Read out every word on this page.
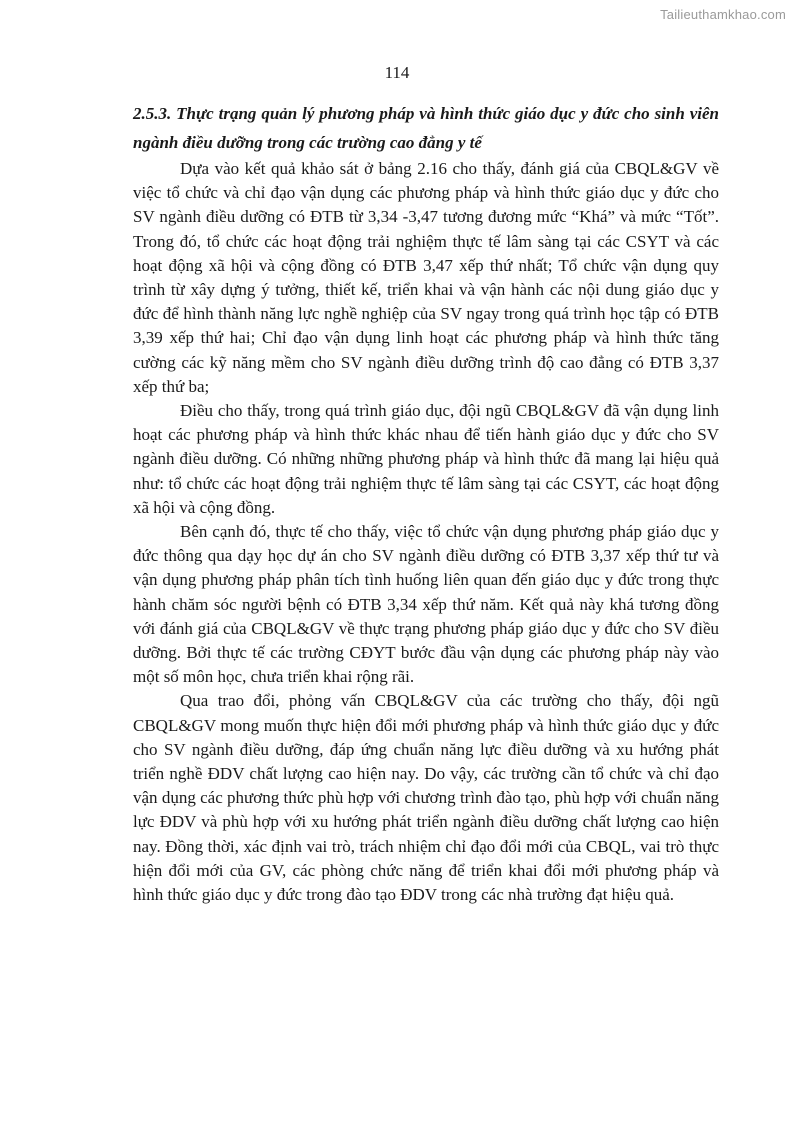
Tailieuthamkhao.com
114

2.5.3. Thực trạng quản lý phương pháp và hình thức giáo dục y đức cho sinh viên ngành điều dưỡng trong các trường cao đẳng y tế

Dựa vào kết quả khảo sát ở bảng 2.16 cho thấy, đánh giá của CBQL&GV về việc tổ chức và chỉ đạo vận dụng các phương pháp và hình thức giáo dục y đức cho SV ngành điều dưỡng có ĐTB từ 3,34 -3,47 tương đương mức “Khá” và mức “Tốt”. Trong đó, tổ chức các hoạt động trải nghiệm thực tế lâm sàng tại các CSYT và các hoạt động xã hội và cộng đồng có ĐTB 3,47 xếp thứ nhất; Tổ chức vận dụng quy trình từ xây dựng ý tưởng, thiết kế, triển khai và vận hành các nội dung giáo dục y đức để hình thành năng lực nghề nghiệp của SV ngay trong quá trình học tập có ĐTB 3,39 xếp thứ hai; Chỉ đạo vận dụng linh hoạt các phương pháp và hình thức tăng cường các kỹ năng mềm cho SV ngành điều dưỡng trình độ cao đẳng có ĐTB 3,37 xếp thứ ba;

Điều cho thấy, trong quá trình giáo dục, đội ngũ CBQL&GV đã vận dụng linh hoạt các phương pháp và hình thức khác nhau để tiến hành giáo dục y đức cho SV ngành điều dưỡng. Có những những phương pháp và hình thức đã mang lại hiệu quả như: tổ chức các hoạt động trải nghiệm thực tế lâm sàng tại các CSYT, các hoạt động xã hội và cộng đồng.

Bên cạnh đó, thực tế cho thấy, việc tổ chức vận dụng phương pháp giáo dục y đức thông qua dạy học dự án cho SV ngành điều dưỡng có ĐTB 3,37 xếp thứ tư và vận dụng phương pháp phân tích tình huống liên quan đến giáo dục y đức trong thực hành chăm sóc người bệnh có ĐTB 3,34 xếp thứ năm. Kết quả này khá tương đồng với đánh giá của CBQL&GV về thực trạng phương pháp giáo dục y đức cho SV điều dưỡng. Bởi thực tế các trường CĐYT bước đầu vận dụng các phương pháp này vào một số môn học, chưa triển khai rộng rãi.

Qua trao đổi, phỏng vấn CBQL&GV của các trường cho thấy, đội ngũ CBQL&GV mong muốn thực hiện đổi mới phương pháp và hình thức giáo dục y đức cho SV ngành điều dưỡng, đáp ứng chuẩn năng lực điều dưỡng và xu hướng phát triển nghề ĐDV chất lượng cao hiện nay. Do vậy, các trường cần tổ chức và chỉ đạo vận dụng các phương thức phù hợp với chương trình đào tạo, phù hợp với chuẩn năng lực ĐDV và phù hợp với xu hướng phát triển ngành điều dưỡng chất lượng cao hiện nay. Đồng thời, xác định vai trò, trách nhiệm chỉ đạo đổi mới của CBQL, vai trò thực hiện đổi mới của GV, các phòng chức năng để triển khai đổi mới phương pháp và hình thức giáo dục y đức trong đào tạo ĐDV trong các nhà trường đạt hiệu quả.
